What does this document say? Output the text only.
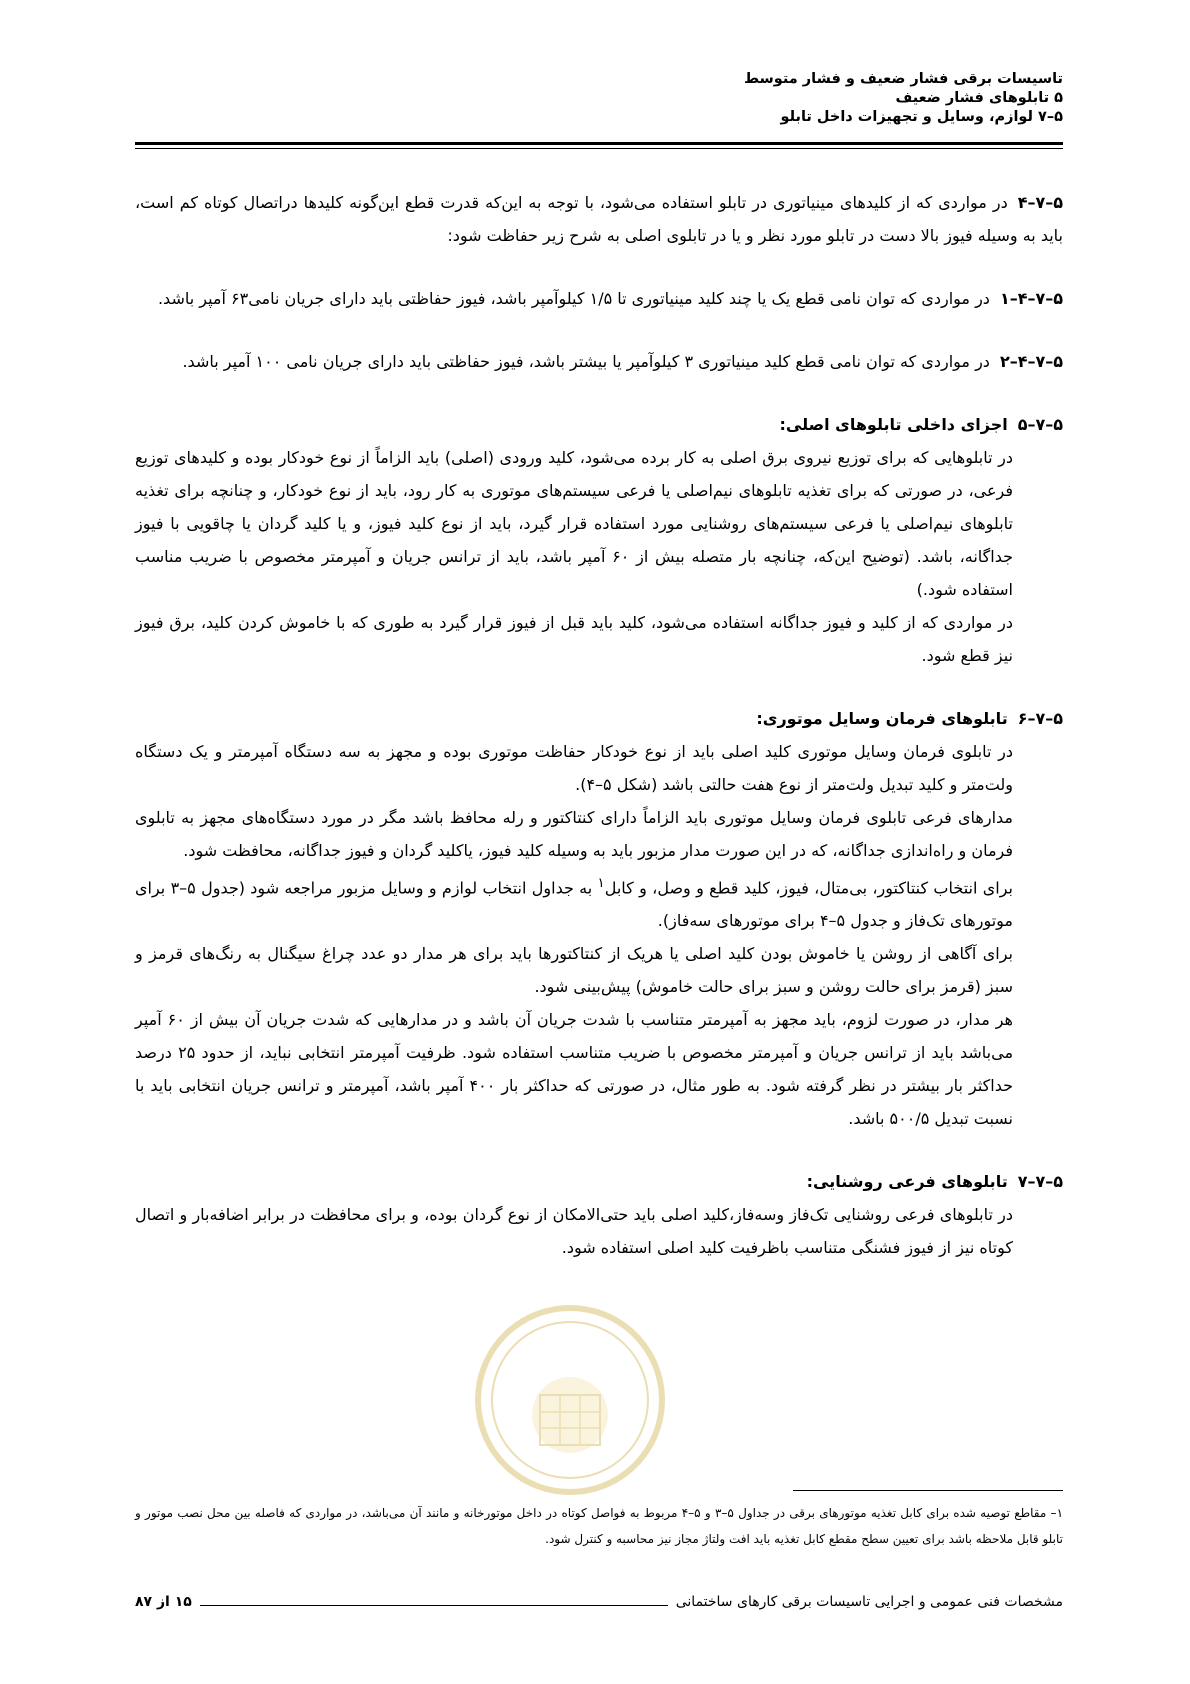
تاسیسات برقی فشار ضعیف و فشار متوسط
۵ تابلوهای فشار ضعیف
۵–۷ لوازم، وسایل و تجهیزات داخل تابلو
۵–۷–۴در مواردی که از کلیدهای مینیاتوری در تابلو استفاده می‌شود، با توجه به این‌که قدرت قطع این‌گونه کلیدها دراتصال کوتاه کم است، باید به وسیله فیوز بالا دست در تابلو مورد نظر و یا در تابلوی اصلی به شرح زیر حفاظت شود:
۵–۷–۴–۱در مواردی که توان نامی قطع یک یا چند کلید مینیاتوری تا ۱/۵ کیلوآمپر باشد، فیوز حفاظتی باید دارای جریان نامی۶۳ آمپر باشد.
۵–۷–۴–۲در مواردی که توان نامی قطع کلید مینیاتوری ۳ کیلوآمپر یا بیشتر باشد، فیوز حفاظتی باید دارای جریان نامی ۱۰۰ آمپر باشد.
۵–۷–۵اجزای داخلی تابلوهای اصلی:
در تابلوهایی که برای توزیع نیروی برق اصلی به کار برده می‌شود، کلید ورودی (اصلی) باید الزاماً از نوع خودکار بوده و کلیدهای توزیع فرعی، در صورتی که برای تغذیه تابلوهای نیم‌اصلی یا فرعی سیستم‌های موتوری به کار رود، باید از نوع خودکار، و چنانچه برای تغذیه تابلوهای نیم‌اصلی یا فرعی سیستم‌های روشنایی مورد استفاده قرار گیرد، باید از نوع کلید فیوز، و یا کلید گردان یا چاقویی با فیوز جداگانه، باشد. (توضیح این‌که، چنانچه بار متصله بیش از ۶۰ آمپر باشد، باید از ترانس جریان و آمپرمتر مخصوص با ضریب مناسب استفاده شود.)
در مواردی که از کلید و فیوز جداگانه استفاده می‌شود، کلید باید قبل از فیوز قرار گیرد به طوری که با خاموش کردن کلید، برق فیوز نیز قطع شود.
۵–۷–۶تابلوهای فرمان وسایل موتوری:
در تابلوی فرمان وسایل موتوری کلید اصلی باید از نوع خودکار حفاظت موتوری بوده و مجهز به سه دستگاه آمپرمتر و یک دستگاه ولت‌متر و کلید تبدیل ولت‌متر از نوع هفت حالتی باشد (شکل ۵–۴).
مدارهای فرعی تابلوی فرمان وسایل موتوری باید الزاماً دارای کنتاکتور و رله محافظ باشد مگر در مورد دستگاه‌های مجهز به تابلوی فرمان و راه‌اندازی جداگانه، که در این صورت مدار مزبور باید به وسیله کلید فیوز، یاکلید گردان و فیوز جداگانه، محافظت شود.
برای انتخاب کنتاکتور، بی‌متال، فیوز، کلید قطع و وصل، و کابل$^۱$ به جداول انتخاب لوازم و وسایل مزبور مراجعه شود (جدول ۵–۳ برای موتورهای تک‌فاز و جدول ۵–۴ برای موتورهای سه‌فاز).
برای آگاهی از روشن یا خاموش بودن کلید اصلی یا هریک از کنتاکتورها باید برای هر مدار دو عدد چراغ سیگنال به رنگ‌های قرمز و سبز (قرمز برای حالت روشن و سبز برای حالت خاموش) پیش‌بینی شود.
هر مدار، در صورت لزوم، باید مجهز به آمپرمتر متناسب با شدت جریان آن باشد و در مدارهایی که شدت جریان آن بیش از ۶۰ آمپر می‌باشد باید از ترانس جریان و آمپرمتر مخصوص با ضریب متناسب استفاده شود. ظرفیت آمپرمتر انتخابی نباید، از حدود ۲۵ درصد حداکثر بار بیشتر در نظر گرفته شود. به طور مثال، در صورتی که حداکثر بار ۴۰۰ آمپر باشد، آمپرمتر و ترانس جریان انتخابی باید با نسبت تبدیل ۵۰۰/۵ باشد.
۵–۷–۷تابلوهای فرعی روشنایی:
در تابلوهای فرعی روشنایی تک‌فاز وسه‌فاز،کلید اصلی باید حتی‌الامکان از نوع گردان بوده، و برای محافظت در برابر اضافه‌بار و اتصال کوتاه نیز از فیوز فشنگی متناسب باظرفیت کلید اصلی استفاده شود.
۱– مقاطع توصیه شده برای کابل تغذیه موتورهای برقی در جداول ۵–۳ و ۵–۴ مربوط به فواصل کوتاه در داخل موتورخانه و مانند آن می‌باشد، در مواردی که فاصله بین محل نصب موتور و تابلو قابل ملاحظه باشد برای تعیین سطح مقطع کابل تغذیه باید افت ولتاژ مجاز نیز محاسبه و کنترل شود.
مشخصات فنی عمومی و اجرایی تاسیسات برقی کارهای ساختمانی
۱۵ از ۸۷
